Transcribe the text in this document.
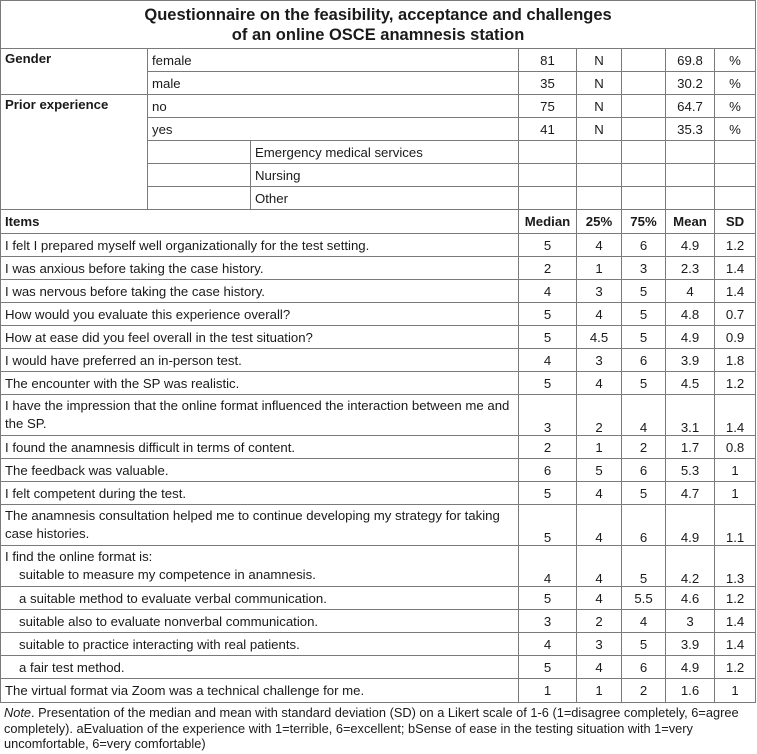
Questionnaire on the feasibility, acceptance and challenges
of an online OSCE anamnesis station							
Gender	female		81	N		69.8	%
	male		35	N		30.2	%
Prior experience	no		75	N		64.7	%
	yes		41	N		35.3	%
		Emergency medical services					
		Nursing					
		Other					
Items			Median	25%	75%	Mean	SD
I felt I prepared myself well organizationally for the test setting.			5	4	6	4.9	1.2
I was anxious before taking the case history.			2	1	3	2.3	1.4
I was nervous before taking the case history.			4	3	5	4	1.4
How would you evaluate this experience overall?			5	4	5	4.8	0.7
How at ease did you feel overall in the test situation?			5	4.5	5	4.9	0.9
I would have preferred an in-person test.			4	3	6	3.9	1.8
The encounter with the SP was realistic.			5	4	5	4.5	1.2
I have the impression that the online format influenced the interaction between me and the SP.			3	2	4	3.1	1.4
I found the anamnesis difficult in terms of content.			2	1	2	1.7	0.8
The feedback was valuable.			6	5	6	5.3	1
I felt competent during the test.			5	4	5	4.7	1
The anamnesis consultation helped me to continue developing my strategy for taking case histories.			5	4	6	4.9	1.1
I find the online format is:
suitable to measure my competence in anamnesis.			4	4	5	4.2	1.3
a suitable method to evaluate verbal communication.			5	4	5.5	4.6	1.2
suitable also to evaluate nonverbal communication.			3	2	4	3	1.4
suitable to practice interacting with real patients.			4	3	5	3.9	1.4
a fair test method.			5	4	6	4.9	1.2
The virtual format via Zoom was a technical challenge for me.			1	1	2	1.6	1

Note. Presentation of the median and mean with standard deviation (SD) on a Likert scale of 1-6 (1=disagree completely, 6=agree completely). aEvaluation of the experience with 1=terrible, 6=excellent; bSense of ease in the testing situation with 1=very uncomfortable, 6=very comfortable)
